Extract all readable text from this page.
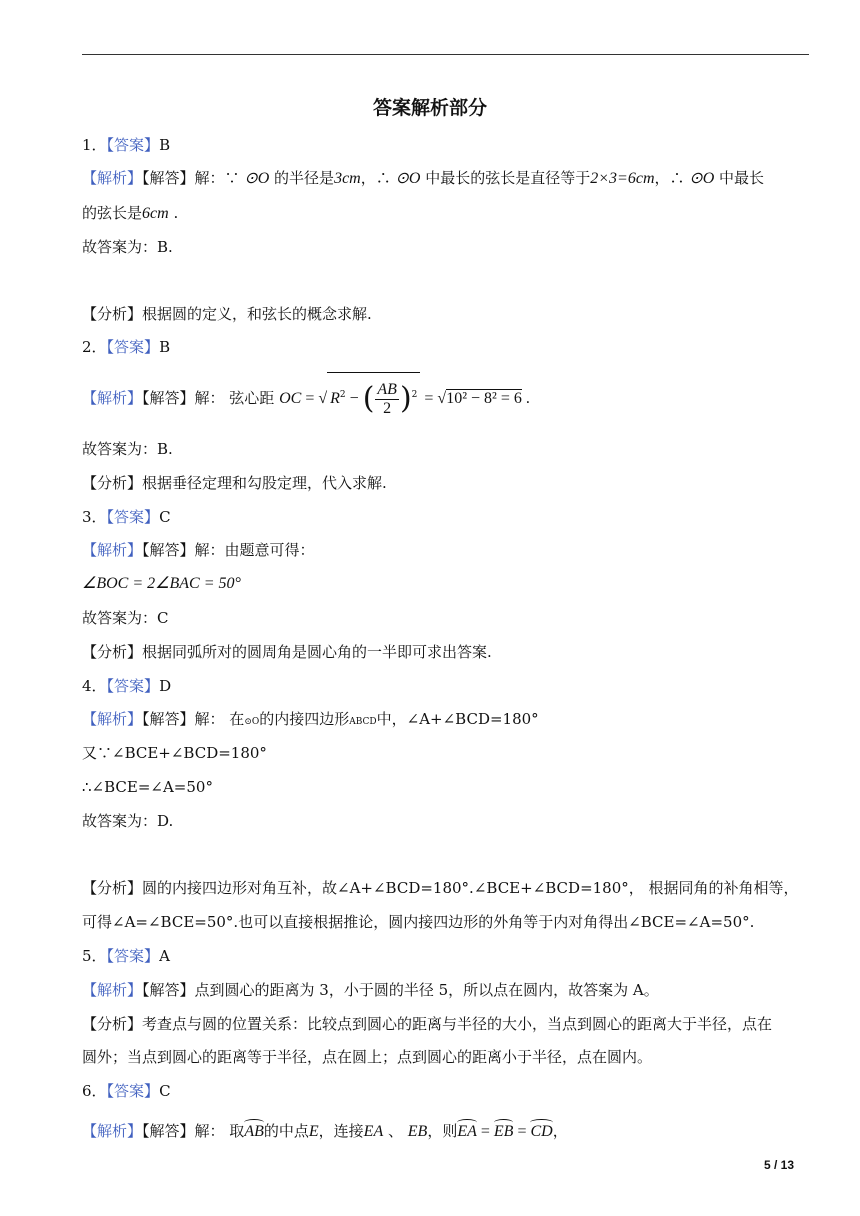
答案解析部分
1．【答案】B
【解析】【解答】解：∵ ⊙O 的半径是3cm，∴ ⊙O 中最长的弦长是直径等于2×3=6cm，∴ ⊙O 中最长
的弦长是6cm .
故答案为：B.
【分析】根据圆的定义，和弦长的概念求解.
2．【答案】B
【解析】【解答】解： 弦心距 OC = √ $R^2$ − ( $\frac{AB}{2} )^2 = √10^2 - 8^2 = 6$ .
故答案为：B.
【分析】根据垂径定理和勾股定理，代入求解.
3．【答案】C
【解析】【解答】解：由题意可得：
∠BOC = 2∠BAC = 50°
故答案为：C
【分析】根据同弧所对的圆周角是圆心角的一半即可求出答案.
4．【答案】D
【解析】【解答】解： 在⊙O的内接四边形ABCD中，∠A+∠BCD=180°
又∵∠BCE+∠BCD=180°
∴∠BCE=∠A=50°
故答案为：D.
【分析】圆的内接四边形对角互补，故∠A+∠BCD=180°.∠BCE+∠BCD=180°， 根据同角的补角相等，
可得∠A=∠BCE=50°.也可以直接根据推论，圆内接四边形的外角等于内对角得出∠BCE=∠A=50°.
5．【答案】A
【解析】【解答】点到圆心的距离为 3，小于圆的半径 5，所以点在圆内，故答案为 A。
【分析】考查点与圆的位置关系：比较点到圆心的距离与半径的大小，当点到圆心的距离大于半径，点在
圆外；当点到圆心的距离等于半径，点在圆上；点到圆心的距离小于半径，点在圆内。
6．【答案】C
【解析】【解答】解： 取AB的中点E，连接EA 、 EB，则EA = EB = CD，
5 / 13
